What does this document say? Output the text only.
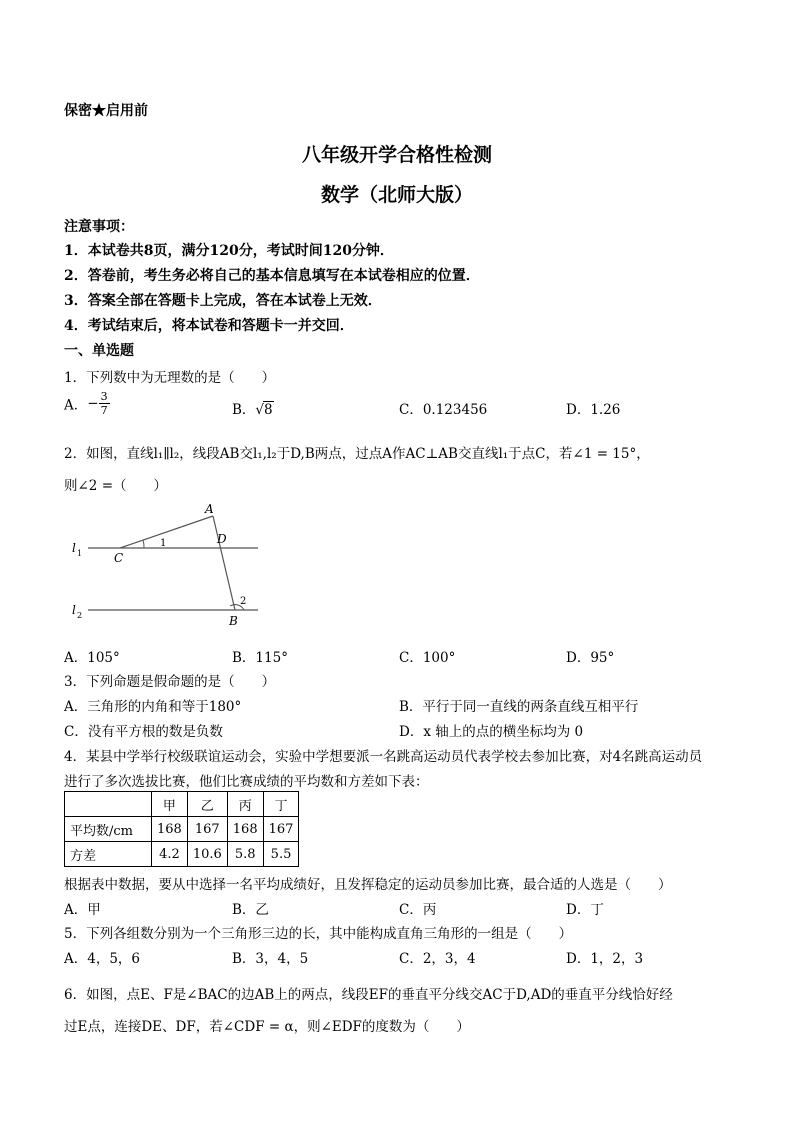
保密★启用前
八年级开学合格性检测
数学（北师大版）
注意事项：
1．本试卷共8页，满分120分，考试时间120分钟．
2．答卷前，考生务必将自己的基本信息填写在本试卷相应的位置．
3．答案全部在答题卡上完成，答在本试卷上无效．
4．考试结束后，将本试卷和答题卡一并交回．
一、单选题
1．下列数中为无理数的是（　　）
A．− $\frac{3}{7}$	B．√8	C．0.123456	D．1.26
2．如图，直线l₁∥l₂，线段AB交l₁,l₂于D,B两点，过点A作AC⊥AB交直线l₁于点C，若∠1 = 15°，
则∠2 =（　　）
A
D
C
B
l 1
l 2
1
2
A．105°	B．115°	C．100°	D．95°
3．下列命题是假命题的是（　　）
A．三角形的内角和等于180°	B．平行于同一直线的两条直线互相平行
C．没有平方根的数是负数	D．x 轴上的点的横坐标均为 0
4．某县中学举行校级联谊运动会，实验中学想要派一名跳高运动员代表学校去参加比赛，对4名跳高运动员
进行了多次选拔比赛，他们比赛成绩的平均数和方差如下表：
	甲	乙	丙	丁
平均数/cm	168	167	168	167
方差	4.2	10.6	5.8	5.5
根据表中数据，要从中选择一名平均成绩好，且发挥稳定的运动员参加比赛，最合适的人选是（　　）
A．甲	B．乙	C．丙	D．丁
5．下列各组数分别为一个三角形三边的长，其中能构成直角三角形的一组是（　　）
A．4，5，6	B．3，4，5	C．2，3，4	D．1，2，3
6．如图，点E、F是∠BAC的边AB上的两点，线段EF的垂直平分线交AC于D,AD的垂直平分线恰好经
过E点，连接DE、DF，若∠CDF = α，则∠EDF的度数为（　　）
